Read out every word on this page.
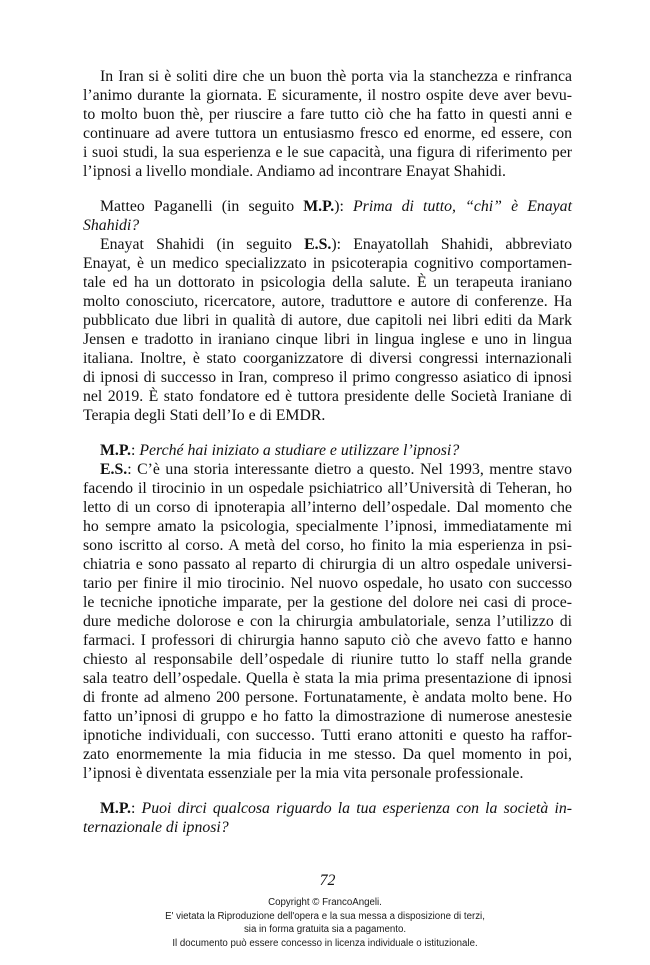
In Iran si è soliti dire che un buon thè porta via la stanchezza e rinfranca
l’animo durante la giornata. E sicuramente, il nostro ospite deve aver bevu-
to molto buon thè, per riuscire a fare tutto ciò che ha fatto in questi anni e
continuare ad avere tuttora un entusiasmo fresco ed enorme, ed essere, con
i suoi studi, la sua esperienza e le sue capacità, una figura di riferimento per
l’ipnosi a livello mondiale. Andiamo ad incontrare Enayat Shahidi.
Matteo Paganelli (in seguito M.P.): Prima di tutto, “chi” è Enayat
Shahidi?
Enayat Shahidi (in seguito E.S.): Enayatollah Shahidi, abbreviato
Enayat, è un medico specializzato in psicoterapia cognitivo comportamen-
tale ed ha un dottorato in psicologia della salute. È un terapeuta iraniano
molto conosciuto, ricercatore, autore, traduttore e autore di conferenze. Ha
pubblicato due libri in qualità di autore, due capitoli nei libri editi da Mark
Jensen e tradotto in iraniano cinque libri in lingua inglese e uno in lingua
italiana. Inoltre, è stato coorganizzatore di diversi congressi internazionali
di ipnosi di successo in Iran, compreso il primo congresso asiatico di ipnosi
nel 2019. È stato fondatore ed è tuttora presidente delle Società Iraniane di
Terapia degli Stati dell’Io e di EMDR.
M.P.: Perché hai iniziato a studiare e utilizzare l’ipnosi?
E.S.: C’è una storia interessante dietro a questo. Nel 1993, mentre stavo
facendo il tirocinio in un ospedale psichiatrico all’Università di Teheran, ho
letto di un corso di ipnoterapia all’interno dell’ospedale. Dal momento che
ho sempre amato la psicologia, specialmente l’ipnosi, immediatamente mi
sono iscritto al corso. A metà del corso, ho finito la mia esperienza in psi-
chiatria e sono passato al reparto di chirurgia di un altro ospedale universi-
tario per finire il mio tirocinio. Nel nuovo ospedale, ho usato con successo
le tecniche ipnotiche imparate, per la gestione del dolore nei casi di proce-
dure mediche dolorose e con la chirurgia ambulatoriale, senza l’utilizzo di
farmaci. I professori di chirurgia hanno saputo ciò che avevo fatto e hanno
chiesto al responsabile dell’ospedale di riunire tutto lo staff nella grande
sala teatro dell’ospedale. Quella è stata la mia prima presentazione di ipnosi
di fronte ad almeno 200 persone. Fortunatamente, è andata molto bene. Ho
fatto un’ipnosi di gruppo e ho fatto la dimostrazione di numerose anestesie
ipnotiche individuali, con successo. Tutti erano attoniti e questo ha raffor-
zato enormemente la mia fiducia in me stesso. Da quel momento in poi,
l’ipnosi è diventata essenziale per la mia vita personale professionale.
M.P.: Puoi dirci qualcosa riguardo la tua esperienza con la società in-
ternazionale di ipnosi?
72
Copyright © FrancoAngeli.
E' vietata la Riproduzione dell'opera e la sua messa a disposizione di terzi,
sia in forma gratuita sia a pagamento.
Il documento può essere concesso in licenza individuale o istituzionale.
